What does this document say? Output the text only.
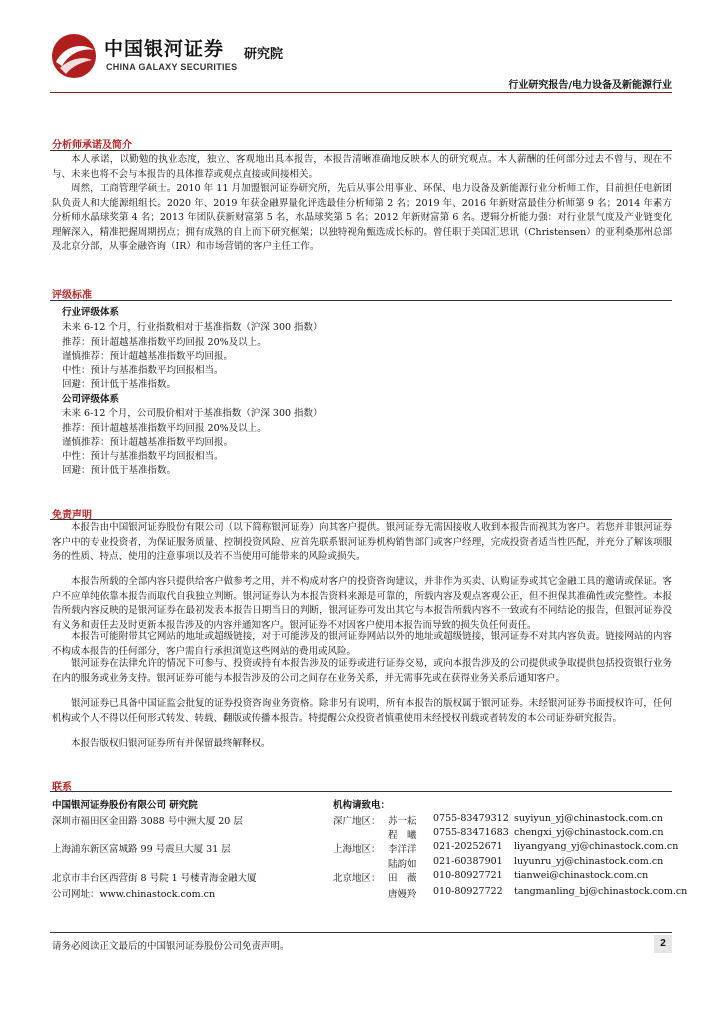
中国银河证券
CHINA GALAXY SECURITIES
研究院
行业研究报告/电力设备及新能源行业
分析师承诺及简介

本人承诺，以勤勉的执业态度，独立、客观地出具本报告，本报告清晰准确地反映本人的研究观点。本人薪酬的任何部分过去不曾与、现在不与、未来也将不会与本报告的具体推荐或观点直接或间接相关。

周然，工商管理学硕士。2010 年 11 月加盟银河证券研究所，先后从事公用事业、环保、电力设备及新能源行业分析师工作，目前担任电新团队负责人和大能源组组长。2020 年、2019 年获金融界量化评选最佳分析师第 2 名；2019 年、2016 年新财富最佳分析师第 9 名；2014 年素方分析师水晶球奖第 4 名；2013 年团队获新财富第 5 名，水晶球奖第 5 名；2012 年新财富第 6 名。逻辑分析能力强：对行业景气度及产业链变化理解深入，精准把握周期拐点；拥有成熟的自上而下研究框架；以独特视角甄选成长标的。曾任职于美国汇思讯（Christensen）的亚利桑那州总部及北京分部，从事金融咨询（IR）和市场营销的客户主任工作。

评级标准
行业评级体系
未来 6-12 个月，行业指数相对于基准指数（沪深 300 指数）
推荐：预计超越基准指数平均回报 20%及以上。
谨慎推荐：预计超越基准指数平均回报。
中性：预计与基准指数平均回报相当。
回避：预计低于基准指数。
公司评级体系
未来 6-12 个月，公司股价相对于基准指数（沪深 300 指数）
推荐：预计超越基准指数平均回报 20%及以上。
谨慎推荐：预计超越基准指数平均回报。
中性：预计与基准指数平均回报相当。
回避：预计低于基准指数。
免责声明

本报告由中国银河证券股份有限公司（以下简称银河证券）向其客户提供。银河证券无需因接收人收到本报告而视其为客户。若您并非银河证券客户中的专业投资者，为保证服务质量、控制投资风险、应首先联系银河证券机构销售部门或客户经理，完成投资者适当性匹配，并充分了解该项服务的性质、特点、使用的注意事项以及若不当使用可能带来的风险或损失。

本报告所载的全部内容只提供给客户做参考之用，并不构成对客户的投资咨询建议，并非作为买卖、认购证券或其它金融工具的邀请或保证。客户不应单纯依靠本报告而取代自我独立判断。银河证券认为本报告资料来源是可靠的，所载内容及观点客观公正，但不担保其准确性或完整性。本报告所载内容反映的是银河证券在最初发表本报告日期当日的判断，银河证券可发出其它与本报告所载内容不一致或有不同结论的报告，但银河证券没有义务和责任去及时更新本报告涉及的内容并通知客户。银河证券不对因客户使用本报告而导致的损失负任何责任。

本报告可能附带其它网站的地址或超级链接，对于可能涉及的银河证券网站以外的地址或超级链接，银河证券不对其内容负责。链接网站的内容不构成本报告的任何部分，客户需自行承担浏览这些网站的费用或风险。

银河证券在法律允许的情况下可参与、投资或持有本报告涉及的证券或进行证券交易，或向本报告涉及的公司提供或争取提供包括投资银行业务在内的服务或业务支持。银河证券可能与本报告涉及的公司之间存在业务关系，并无需事先或在获得业务关系后通知客户。

银河证券已具备中国证监会批复的证券投资咨询业务资格。除非另有说明，所有本报告的版权属于银河证券。未经银河证券书面授权许可，任何机构或个人不得以任何形式转发、转载、翻版或传播本报告。特提醒公众投资者慎重使用未经授权刊载或者转发的本公司证券研究报告。

本报告版权归银河证券所有并保留最终解释权。

联系
中国银河证券股份有限公司 研究院
深圳市福田区金田路 3088 号中洲大厦 20 层
上海浦东新区富城路 99 号震旦大厦 31 层
北京市丰台区西营街 8 号院 1 号楼青海金融大厦
公司网址：www.chinastock.com.cn
机构请致电：
深广地区： 苏一耘 0755-83479312 suyiyun_yj@chinastock.com.cn
程　曦 0755-83471683 chengxi_yj@chinastock.com.cn
上海地区： 李洋洋 021-20252671 liyangyang_yj@chinastock.com.cn
陆韵如 021-60387901 luyunru_yj@chinastock.com.cn
北京地区： 田　薇 010-80927721 tianwei@chinastock.com.cn
唐嫚羚 010-80927722 tangmanling_bj@chinastock.com.cn
请务必阅读正文最后的中国银河证券股份公司免责声明。	2
